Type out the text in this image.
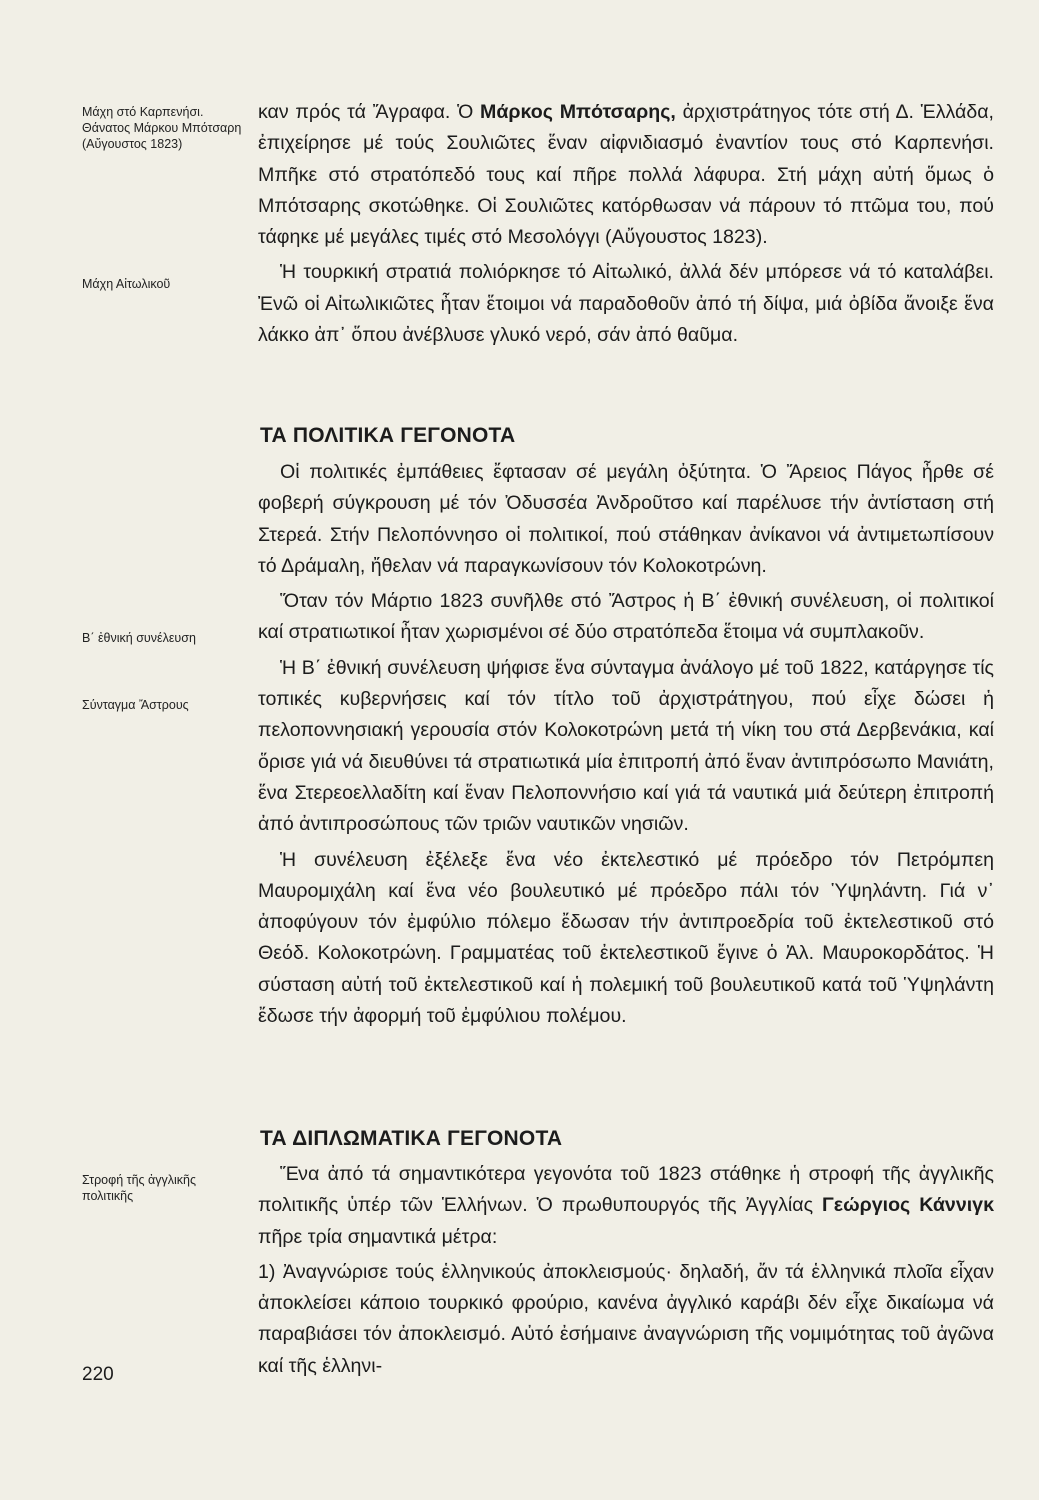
Μάχη στό Καρπενήσι. Θάνατος Μάρκου Μπότσαρη (Αὔγουστος 1823)
Μάχη Αἰτωλικοῦ
Β΄ ἐθνική συνέλευση
Σύνταγμα Ἄστρους
Στροφή τῆς ἀγγλικῆς πολιτικῆς

καν πρός τά Ἄγραφα. Ὁ Μάρκος Μπότσαρης, ἀρχιστράτηγος τότε στή Δ. Ἑλλάδα, ἐπιχείρησε μέ τούς Σουλιῶτες ἕναν αἰφνιδιασμό ἐναντίον τους στό Καρπενήσι. Μπῆκε στό στρατόπεδό τους καί πῆρε πολλά λάφυρα. Στή μάχη αὐτή ὅμως ὁ Μπότσαρης σκοτώθηκε. Οἱ Σουλιῶτες κατόρθωσαν νά πάρουν τό πτῶμα του, πού τάφηκε μέ μεγάλες τιμές στό Μεσολόγγι (Αὔγουστος 1823).

Ἡ τουρκική στρατιά πολιόρκησε τό Αἰτωλικό, ἀλλά δέν μπόρεσε νά τό καταλάβει. Ἐνῶ οἱ Αἰτωλικιῶτες ἦταν ἕτοιμοι νά παραδοθοῦν ἀπό τή δίψα, μιά ὀβίδα ἄνοιξε ἕνα λάκκο ἀπ᾽ ὅπου ἀνέβλυσε γλυκό νερό, σάν ἀπό θαῦμα.

ΤΑ ΠΟΛΙΤΙΚΑ ΓΕΓΟΝΟΤΑ

Οἱ πολιτικές ἐμπάθειες ἔφτασαν σέ μεγάλη ὀξύτητα. Ὁ Ἄρειος Πάγος ἦρθε σέ φοβερή σύγκρουση μέ τόν Ὀδυσσέα Ἀνδροῦτσο καί παρέλυσε τήν ἀντίσταση στή Στερεά. Στήν Πελοπόννησο οἱ πολιτικοί, πού στάθηκαν ἀνίκανοι νά ἀντιμετωπίσουν τό Δράμαλη, ἤθελαν νά παραγκωνίσουν τόν Κολοκοτρώνη.

Ὅταν τόν Μάρτιο 1823 συνῆλθε στό Ἄστρος ἡ Β΄ ἐθνική συνέλευση, οἱ πολιτικοί καί στρατιωτικοί ἦταν χωρισμένοι σέ δύο στρατόπεδα ἕτοιμα νά συμπλακοῦν.

Ἡ Β΄ ἐθνική συνέλευση ψήφισε ἕνα σύνταγμα ἀνάλογο μέ τοῦ 1822, κατάργησε τίς τοπικές κυβερνήσεις καί τόν τίτλο τοῦ ἀρχιστράτηγου, πού εἶχε δώσει ἡ πελοποννησιακή γερουσία στόν Κολοκοτρώνη μετά τή νίκη του στά Δερβενάκια, καί ὅρισε γιά νά διευθύνει τά στρατιωτικά μία ἐπιτροπή ἀπό ἕναν ἀντιπρόσωπο Μανιάτη, ἕνα Στερεοελλαδίτη καί ἕναν Πελοποννήσιο καί γιά τά ναυτικά μιά δεύτερη ἐπιτροπή ἀπό ἀντιπροσώπους τῶν τριῶν ναυτικῶν νησιῶν.

Ἡ συνέλευση ἐξέλεξε ἕνα νέο ἐκτελεστικό μέ πρόεδρο τόν Πετρόμπεη Μαυρομιχάλη καί ἕνα νέο βουλευτικό μέ πρόεδρο πάλι τόν Ὑψηλάντη. Γιά ν᾽ ἀποφύγουν τόν ἐμφύλιο πόλεμο ἔδωσαν τήν ἀντιπροεδρία τοῦ ἐκτελεστικοῦ στό Θεόδ. Κολοκοτρώνη. Γραμματέας τοῦ ἐκτελεστικοῦ ἔγινε ὁ Ἀλ. Μαυροκορδάτος. Ἡ σύσταση αὐτή τοῦ ἐκτελεστικοῦ καί ἡ πολεμική τοῦ βουλευτικοῦ κατά τοῦ Ὑψηλάντη ἔδωσε τήν ἀφορμή τοῦ ἐμφύλιου πολέμου.

ΤΑ ΔΙΠΛΩΜΑΤΙΚΑ ΓΕΓΟΝΟΤΑ

Ἕνα ἀπό τά σημαντικότερα γεγονότα τοῦ 1823 στάθηκε ἡ στροφή τῆς ἀγγλικῆς πολιτικῆς ὑπέρ τῶν Ἑλλήνων. Ὁ πρωθυπουργός τῆς Ἀγγλίας Γεώργιος Κάννιγκ πῆρε τρία σημαντικά μέτρα:

1) Ἀναγνώρισε τούς ἑλληνικούς ἀποκλεισμούς· δηλαδή, ἄν τά ἑλληνικά πλοῖα εἶχαν ἀποκλείσει κάποιο τουρκικό φρούριο, κανένα ἀγγλικό καράβι δέν εἶχε δικαίωμα νά παραβιάσει τόν ἀποκλεισμό. Αὐτό ἐσήμαινε ἀναγνώριση τῆς νομιμότητας τοῦ ἀγῶνα καί τῆς ἑλληνι-

220
